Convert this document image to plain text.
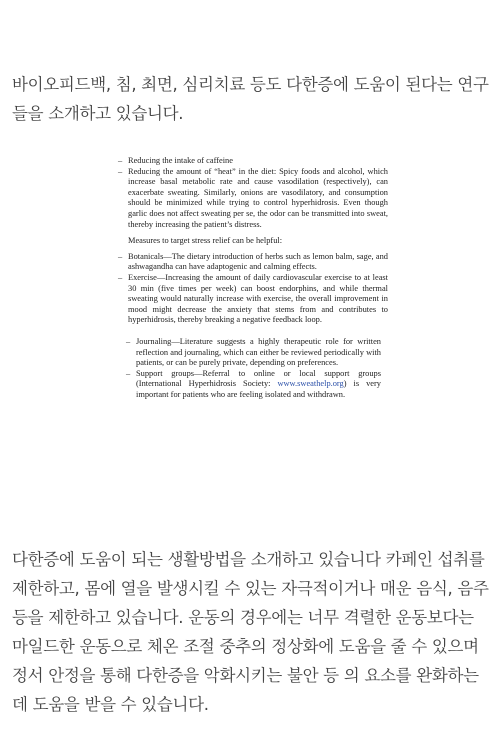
바이오피드백, 침, 최면, 심리치료 등도 다한증에 도움이 된다는 연구들을 소개하고 있습니다.

– Reducing the intake of caffeine
– Reducing the amount of “heat” in the diet: Spicy foods and alcohol, which increase basal metabolic rate and cause vasodilation (respectively), can exacerbate sweating. Similarly, onions are vasodilatory, and consumption should be minimized while trying to control hyperhidrosis. Even though garlic does not affect sweating per se, the odor can be transmitted into sweat, thereby increasing the patient’s distress.
Measures to target stress relief can be helpful:
– Botanicals—The dietary introduction of herbs such as lemon balm, sage, and ashwagandha can have adaptogenic and calming effects.
– Exercise—Increasing the amount of daily cardiovascular exercise to at least 30 min (five times per week) can boost endorphins, and while thermal sweating would naturally increase with exercise, the overall improvement in mood might decrease the anxiety that stems from and contributes to hyperhidrosis, thereby breaking a negative feedback loop.
– Journaling—Literature suggests a highly therapeutic role for written reflection and journaling, which can either be reviewed periodically with patients, or can be purely private, depending on preferences.
– Support groups—Referral to online or local support groups (International Hyperhidrosis Society: www.sweathelp.org) is very important for patients who are feeling isolated and withdrawn.

다한증에 도움이 되는 생활방법을 소개하고 있습니다 카페인 섭취를 제한하고, 몸에 열을 발생시킬 수 있는 자극적이거나 매운 음식, 음주 등을 제한하고 있습니다. 운동의 경우에는 너무 격렬한 운동보다는 마일드한 운동으로 체온 조절 중추의 정상화에 도움을 줄 수 있으며 정서 안정을 통해 다한증을 악화시키는 불안 등 의 요소를 완화하는데 도움을 받을 수 있습니다.
